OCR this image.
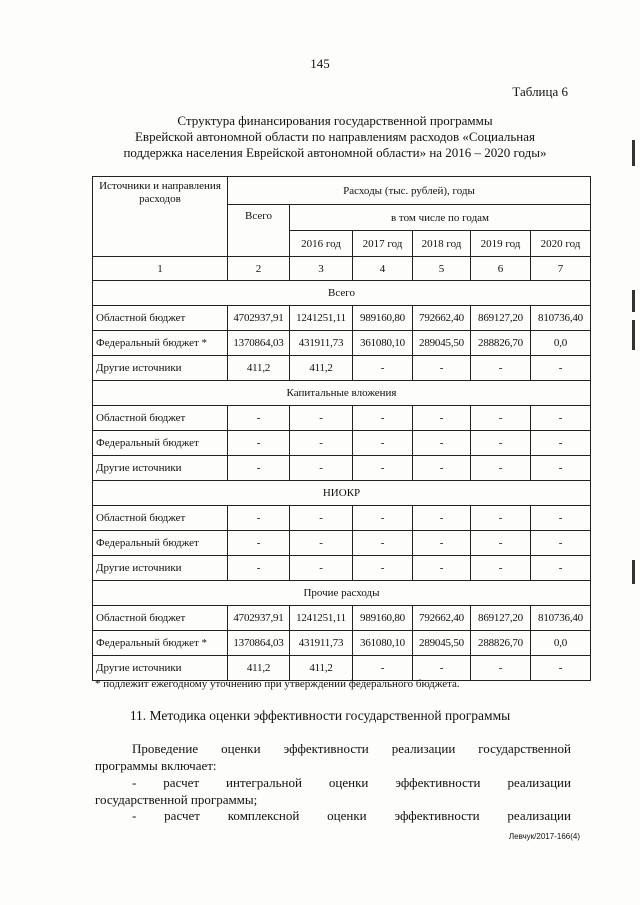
145
Таблица 6
Структура финансирования государственной программы
Еврейской автономной области по направлениям расходов «Социальная
поддержка населения Еврейской автономной области» на 2016 – 2020 годы»
Источники и направления расходов	Расходы (тыс. рублей), годы					
	Всего	в том числе по годам				
		2016 год	2017 год	2018 год	2019 год	2020 год
1	2	3	4	5	6	7
Всего						
Областной бюджет	4702937,91	1241251,11	989160,80	792662,40	869127,20	810736,40
Федеральный бюджет *	1370864,03	431911,73	361080,10	289045,50	288826,70	0,0
Другие источники	411,2	411,2	-	-	-	-
Капитальные вложения						
Областной бюджет	-	-	-	-	-	-
Федеральный бюджет	-	-	-	-	-	-
Другие источники	-	-	-	-	-	-
НИОКР						
Областной бюджет	-	-	-	-	-	-
Федеральный бюджет	-	-	-	-	-	-
Другие источники	-	-	-	-	-	-
Прочие расходы						
Областной бюджет	4702937,91	1241251,11	989160,80	792662,40	869127,20	810736,40
Федеральный бюджет *	1370864,03	431911,73	361080,10	289045,50	288826,70	0,0
Другие источники	411,2	411,2	-	-	-	-
* подлежит ежегодному уточнению при утверждении федерального бюджета.
11. Методика оценки эффективности государственной программы
Проведение оценки эффективности реализации государственной
программы включает:
- расчет интегральной оценки эффективности реализации
государственной программы;
- расчет комплексной оценки эффективности реализации
Левчук/2017-166(4)
